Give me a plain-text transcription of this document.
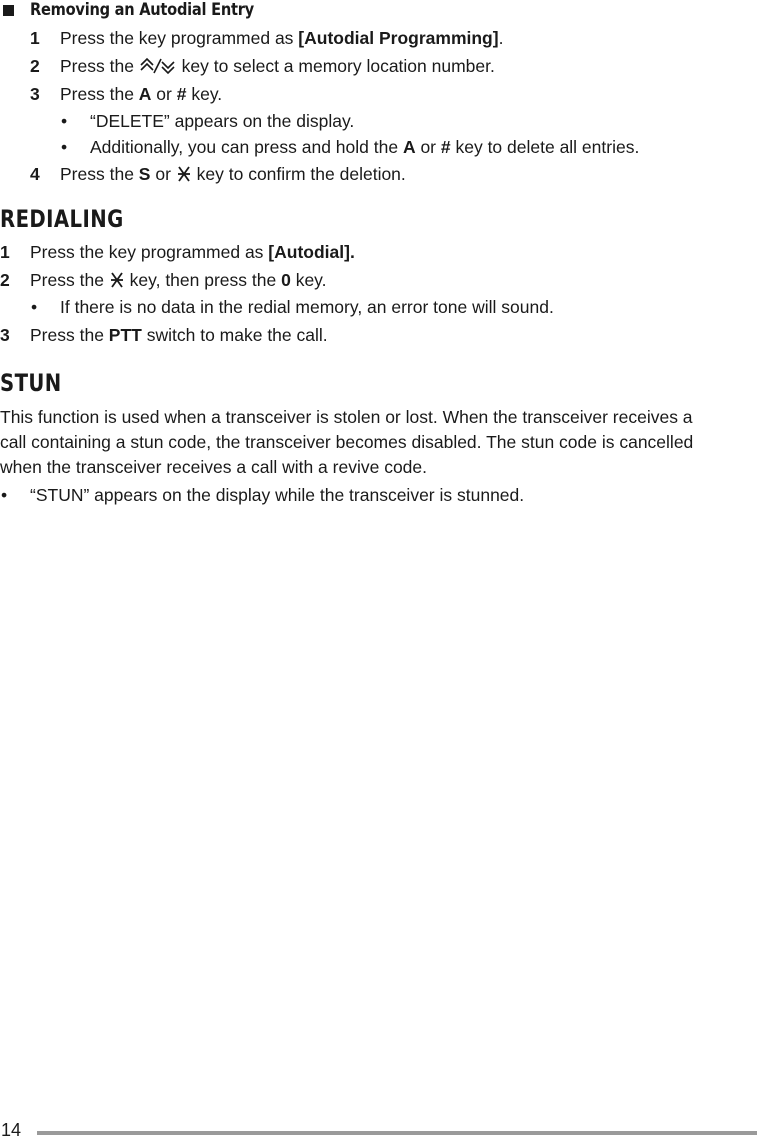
Removing an Autodial Entry
1 Press the key programmed as [Autodial Programming].
2 Press the  key to select a memory location number.
3 Press the A or # key.
• “DELETE” appears on the display.
• Additionally, you can press and hold the A or # key to delete all entries.
4 Press the S or  key to confirm the deletion.
REDIALING
1 Press the key programmed as [Autodial].
2 Press the  key, then press the 0 key.
• If there is no data in the redial memory, an error tone will sound.
3 Press the PTT switch to make the call.
STUN
This function is used when a transceiver is stolen or lost. When the transceiver receives a
call containing a stun code, the transceiver becomes disabled. The stun code is cancelled
when the transceiver receives a call with a revive code.
• “STUN” appears on the display while the transceiver is stunned.
14
